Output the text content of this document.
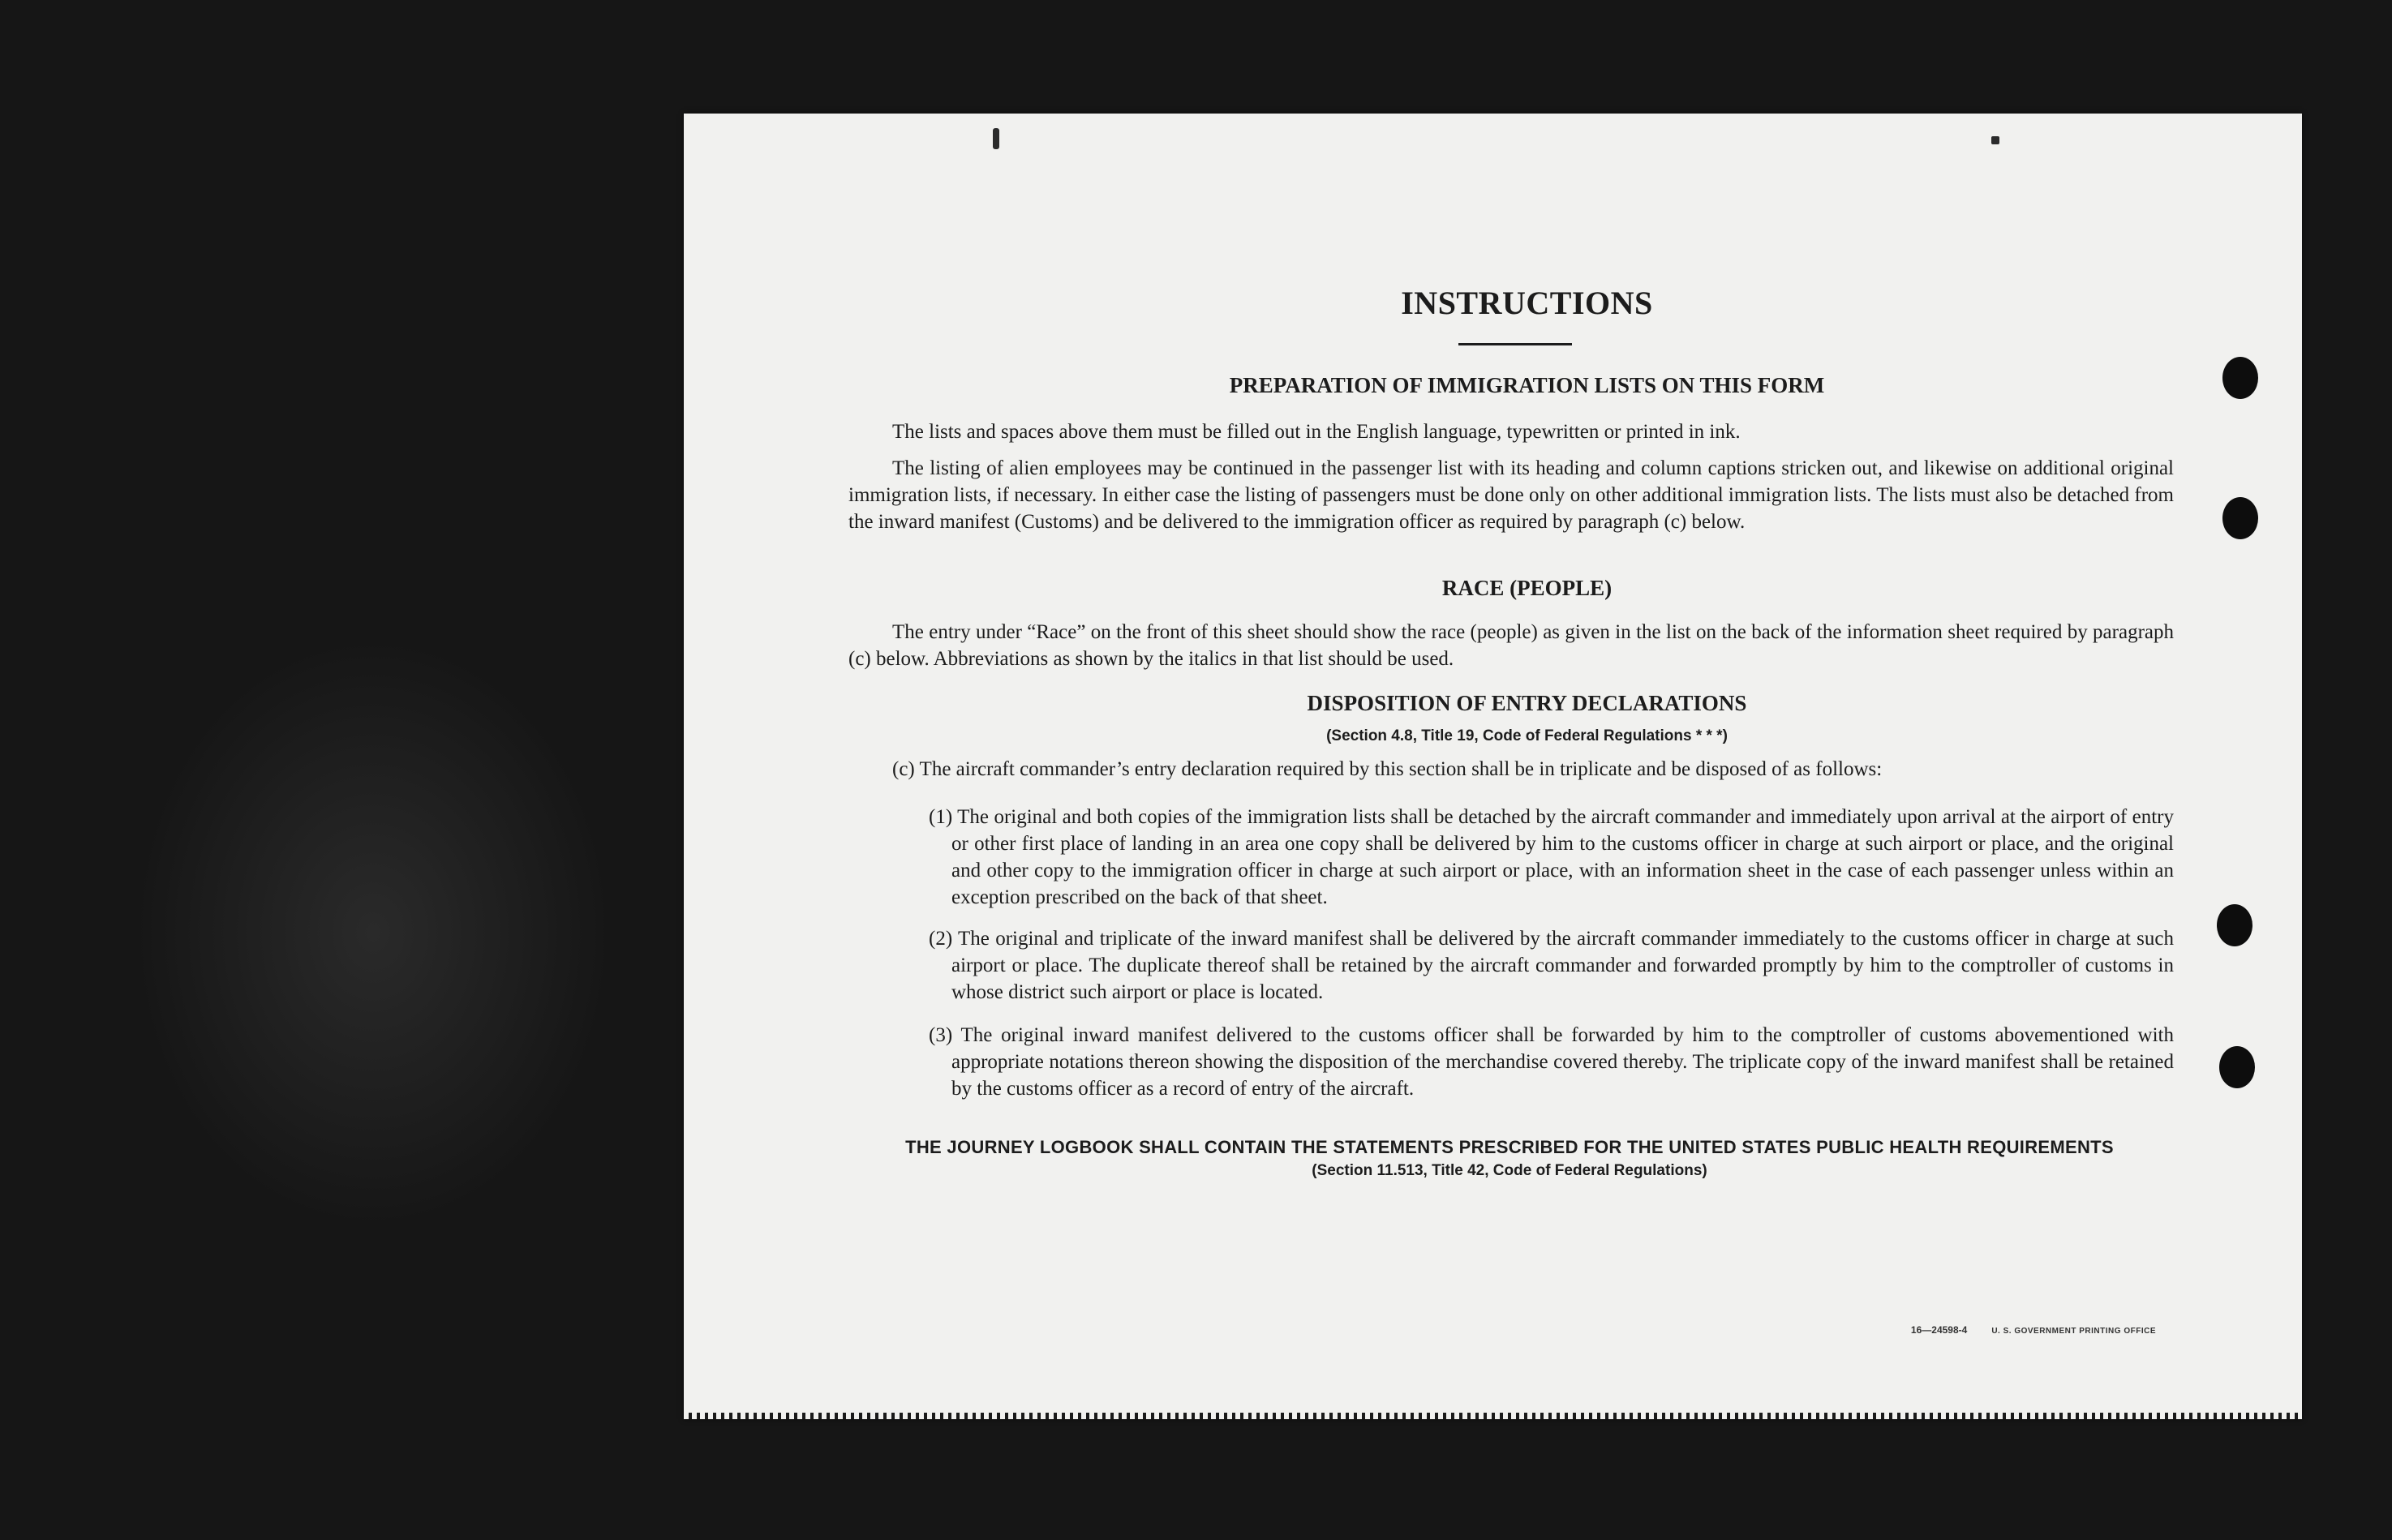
INSTRUCTIONS
PREPARATION OF IMMIGRATION LISTS ON THIS FORM
The lists and spaces above them must be filled out in the English language, typewritten or printed in ink.
The listing of alien employees may be continued in the passenger list with its heading and column captions stricken out, and likewise on additional original immigration lists, if necessary. In either case the listing of passengers must be done only on other additional immigration lists. The lists must also be detached from the inward manifest (Customs) and be delivered to the immigration officer as required by paragraph (c) below.
RACE (PEOPLE)
The entry under “Race” on the front of this sheet should show the race (people) as given in the list on the back of the information sheet required by paragraph (c) below. Abbreviations as shown by the italics in that list should be used.
DISPOSITION OF ENTRY DECLARATIONS
(Section 4.8, Title 19, Code of Federal Regulations * * *)
(c) The aircraft commander’s entry declaration required by this section shall be in triplicate and be disposed of as follows:
(1) The original and both copies of the immigration lists shall be detached by the aircraft commander and immediately upon arrival at the airport of entry or other first place of landing in an area one copy shall be delivered by him to the customs officer in charge at such airport or place, and the original and other copy to the immigration officer in charge at such airport or place, with an information sheet in the case of each passenger unless within an exception prescribed on the back of that sheet.
(2) The original and triplicate of the inward manifest shall be delivered by the aircraft commander immediately to the customs officer in charge at such airport or place. The duplicate thereof shall be retained by the aircraft commander and forwarded promptly by him to the comptroller of customs in whose district such airport or place is located.
(3) The original inward manifest delivered to the customs officer shall be forwarded by him to the comptroller of customs abovementioned with appropriate notations thereon showing the disposition of the merchandise covered thereby. The triplicate copy of the inward manifest shall be retained by the customs officer as a record of entry of the aircraft.
THE JOURNEY LOGBOOK SHALL CONTAIN THE STATEMENTS PRESCRIBED FOR THE UNITED STATES PUBLIC HEALTH REQUIREMENTS
(Section 11.513, Title 42, Code of Federal Regulations)
16—24598-4	U. S. GOVERNMENT PRINTING OFFICE
